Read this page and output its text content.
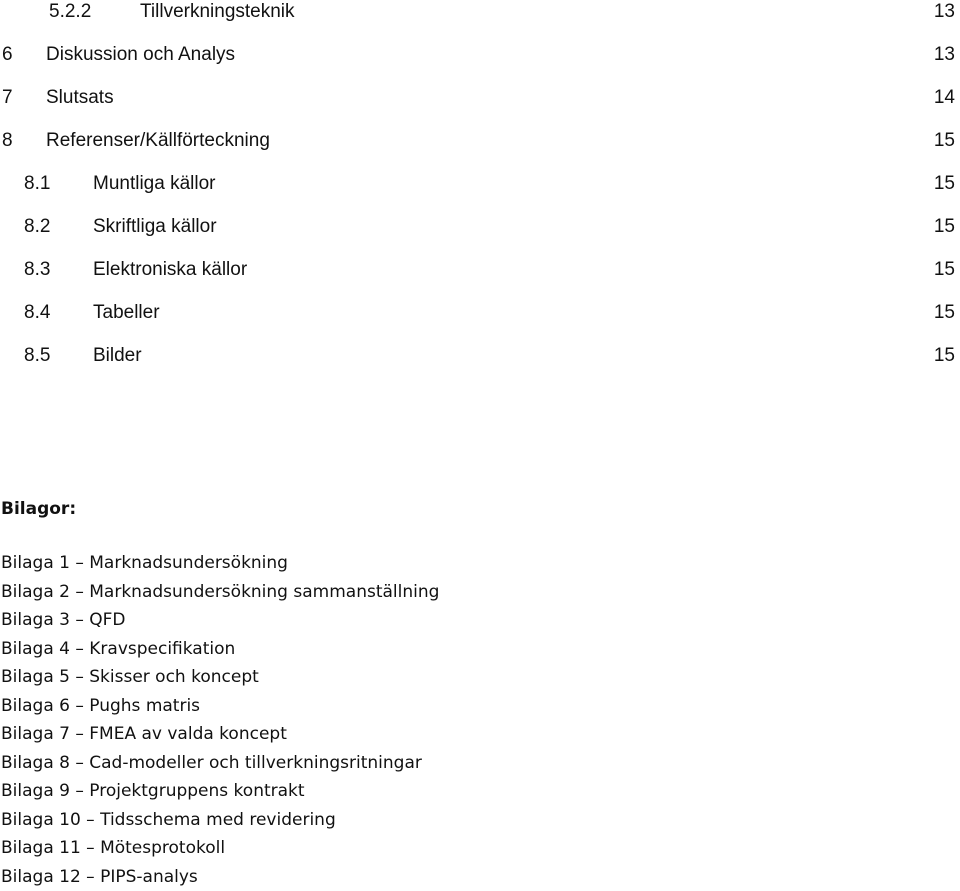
5.2.2	Tillverkningsteknik	13
6 Diskussion och Analys	13
7 Slutsats	14
8 Referenser/Källförteckning	15
8.1 Muntliga källor	15
8.2 Skriftliga källor	15
8.3 Elektroniska källor	15
8.4 Tabeller	15
8.5 Bilder	15
Bilagor:
Bilaga 1 – Marknadsundersökning
Bilaga 2 – Marknadsundersökning sammanställning
Bilaga 3 – QFD
Bilaga 4 – Kravspecifikation
Bilaga 5 – Skisser och koncept
Bilaga 6 – Pughs matris
Bilaga 7 – FMEA av valda koncept
Bilaga 8 – Cad-modeller och tillverkningsritningar
Bilaga 9 – Projektgruppens kontrakt
Bilaga 10 – Tidsschema med revidering
Bilaga 11 – Mötesprotokoll
Bilaga 12 – PIPS-analys
